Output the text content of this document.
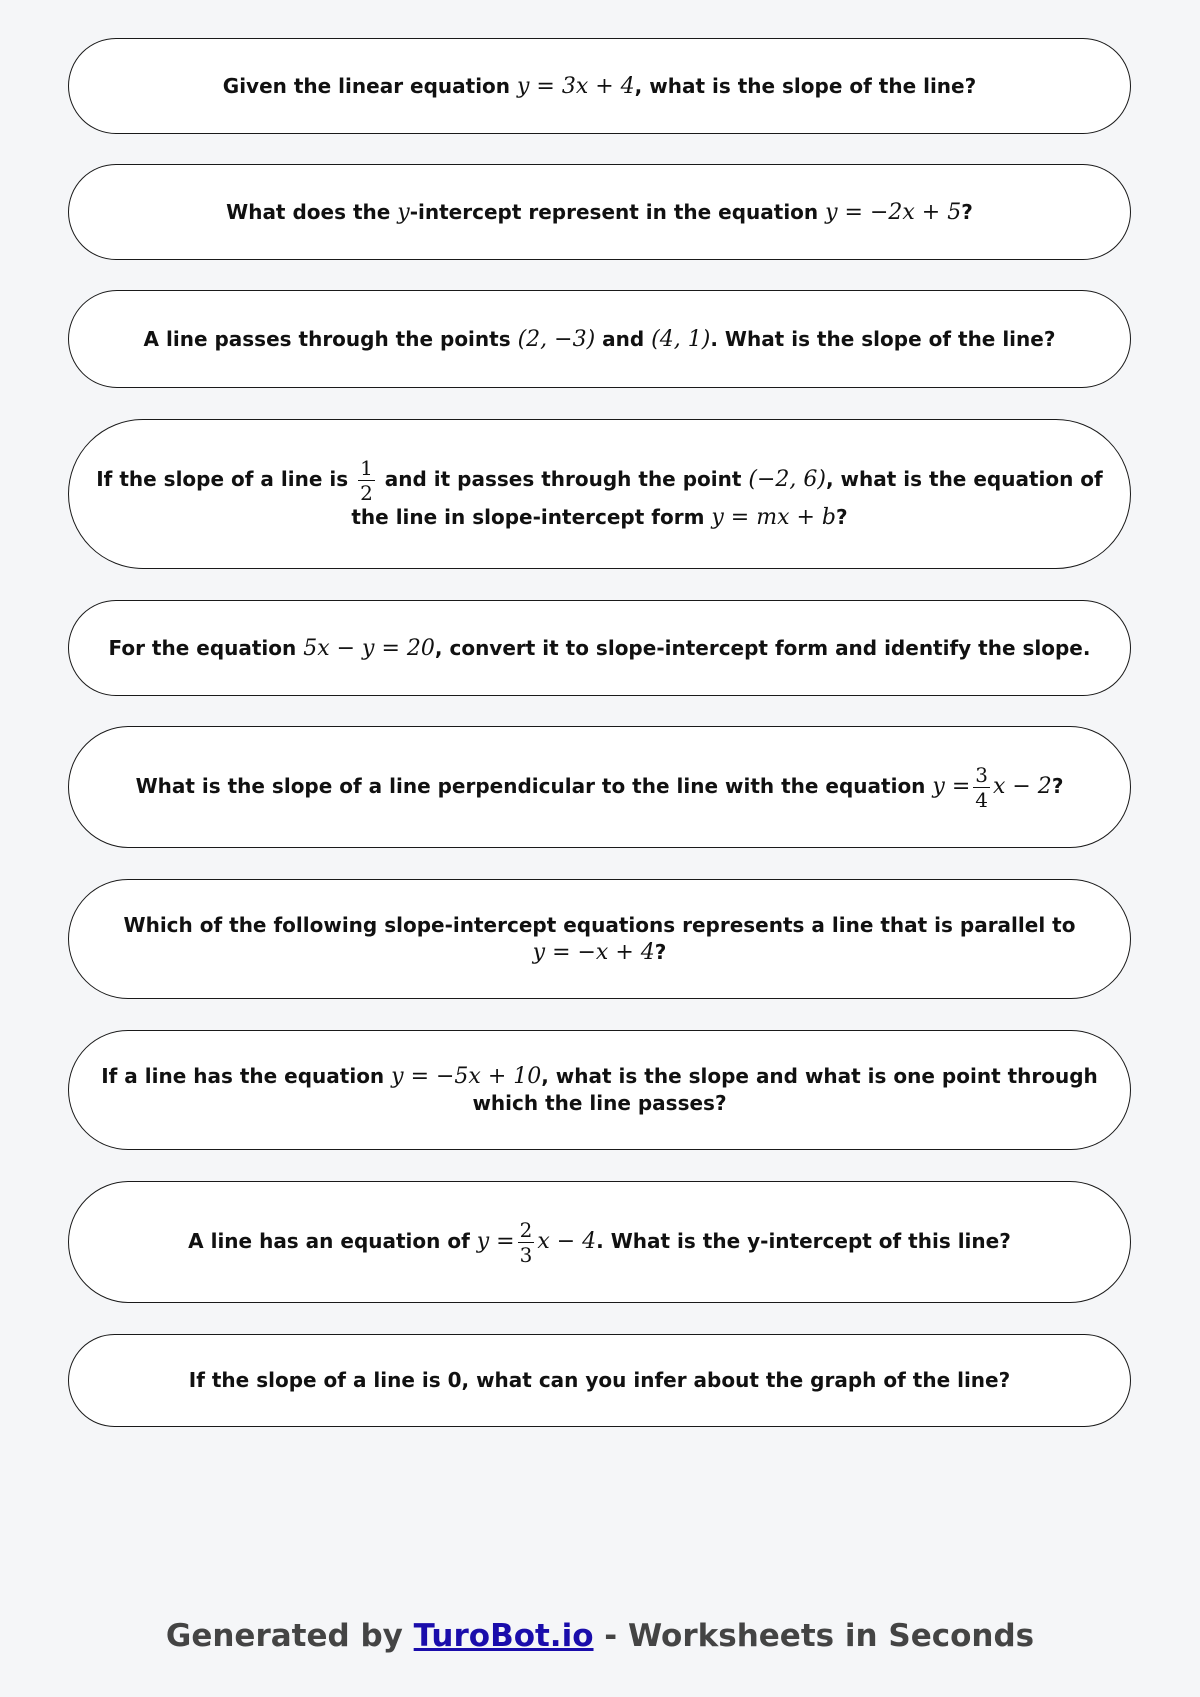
Given the linear equation y = 3x + 4, what is the slope of the line?
What does the y-intercept represent in the equation y = −2x + 5?
A line passes through the points (2, −3) and (4, 1). What is the slope of the line?
If the slope of a line is $\frac{1}{2}$ and it passes through the point (−2, 6), what is the equation of the line in slope-intercept form y = mx + b?
For the equation 5x − y = 20, convert it to slope-intercept form and identify the slope.
What is the slope of a line perpendicular to the line with the equation $y = \frac{3}{4}$ x − 2?
Which of the following slope-intercept equations represents a line that is parallel to y = −x + 4?
If a line has the equation y = −5x + 10, what is the slope and what is one point through which the line passes?
A line has an equation of $y = \frac{2}{3}$ x − 4. What is the y-intercept of this line?
If the slope of a line is 0, what can you infer about the graph of the line?
Generated by TuroBot.io - Worksheets in Seconds
